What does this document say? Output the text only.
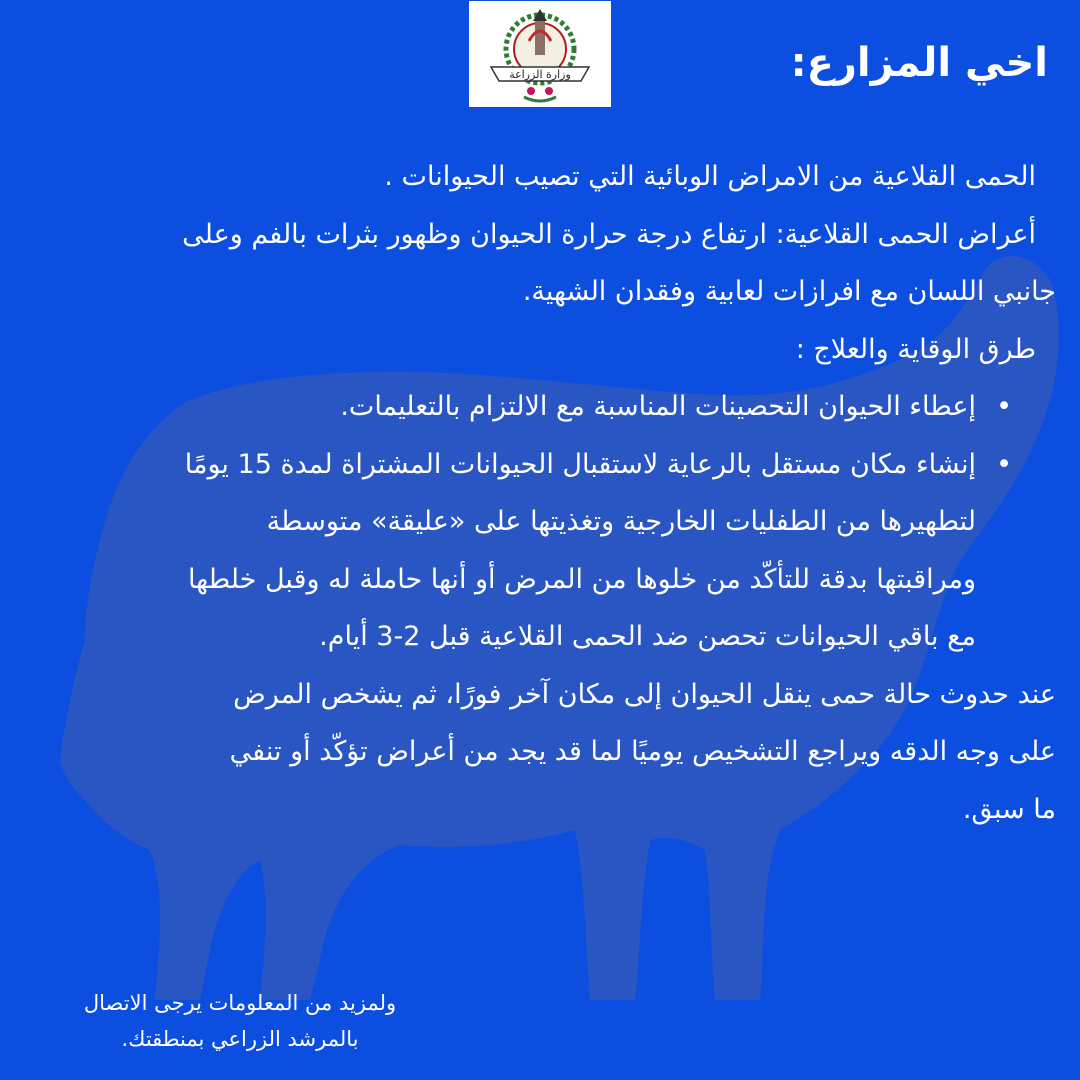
وزارة الزراعة	اخي المزارع:
الحمى القلاعية من الامراض الوبائية التي تصيب الحيوانات .
أعراض الحمى القلاعية: ارتفاع درجة حرارة الحيوان وظهور بثرات بالفم وعلى
جانبي اللسان مع افرازات لعابية وفقدان الشهية.
طرق الوقاية والعلاج :
•
إعطاء الحيوان التحصينات المناسبة مع الالتزام بالتعليمات.
•
إنشاء مكان مستقل بالرعاية لاستقبال الحيوانات المشتراة لمدة 15 يومًا
لتطهيرها من الطفليات الخارجية وتغذيتها على «عليقة» متوسطة
ومراقبتها بدقة للتأكّد من خلوها من المرض أو أنها حاملة له وقبل خلطها
مع باقي الحيوانات تحصن ضد الحمى القلاعية قبل 2-3 أيام.
عند حدوث حالة حمى ينقل الحيوان إلى مكان آخر فورًا، ثم يشخص المرض
على وجه الدقه ويراجع التشخيص يوميًا لما قد يجد من أعراض تؤكّد أو تنفي
ما سبق.
ولمزيد من المعلومات يرجى الاتصال
بالمرشد الزراعي بمنطقتك.
